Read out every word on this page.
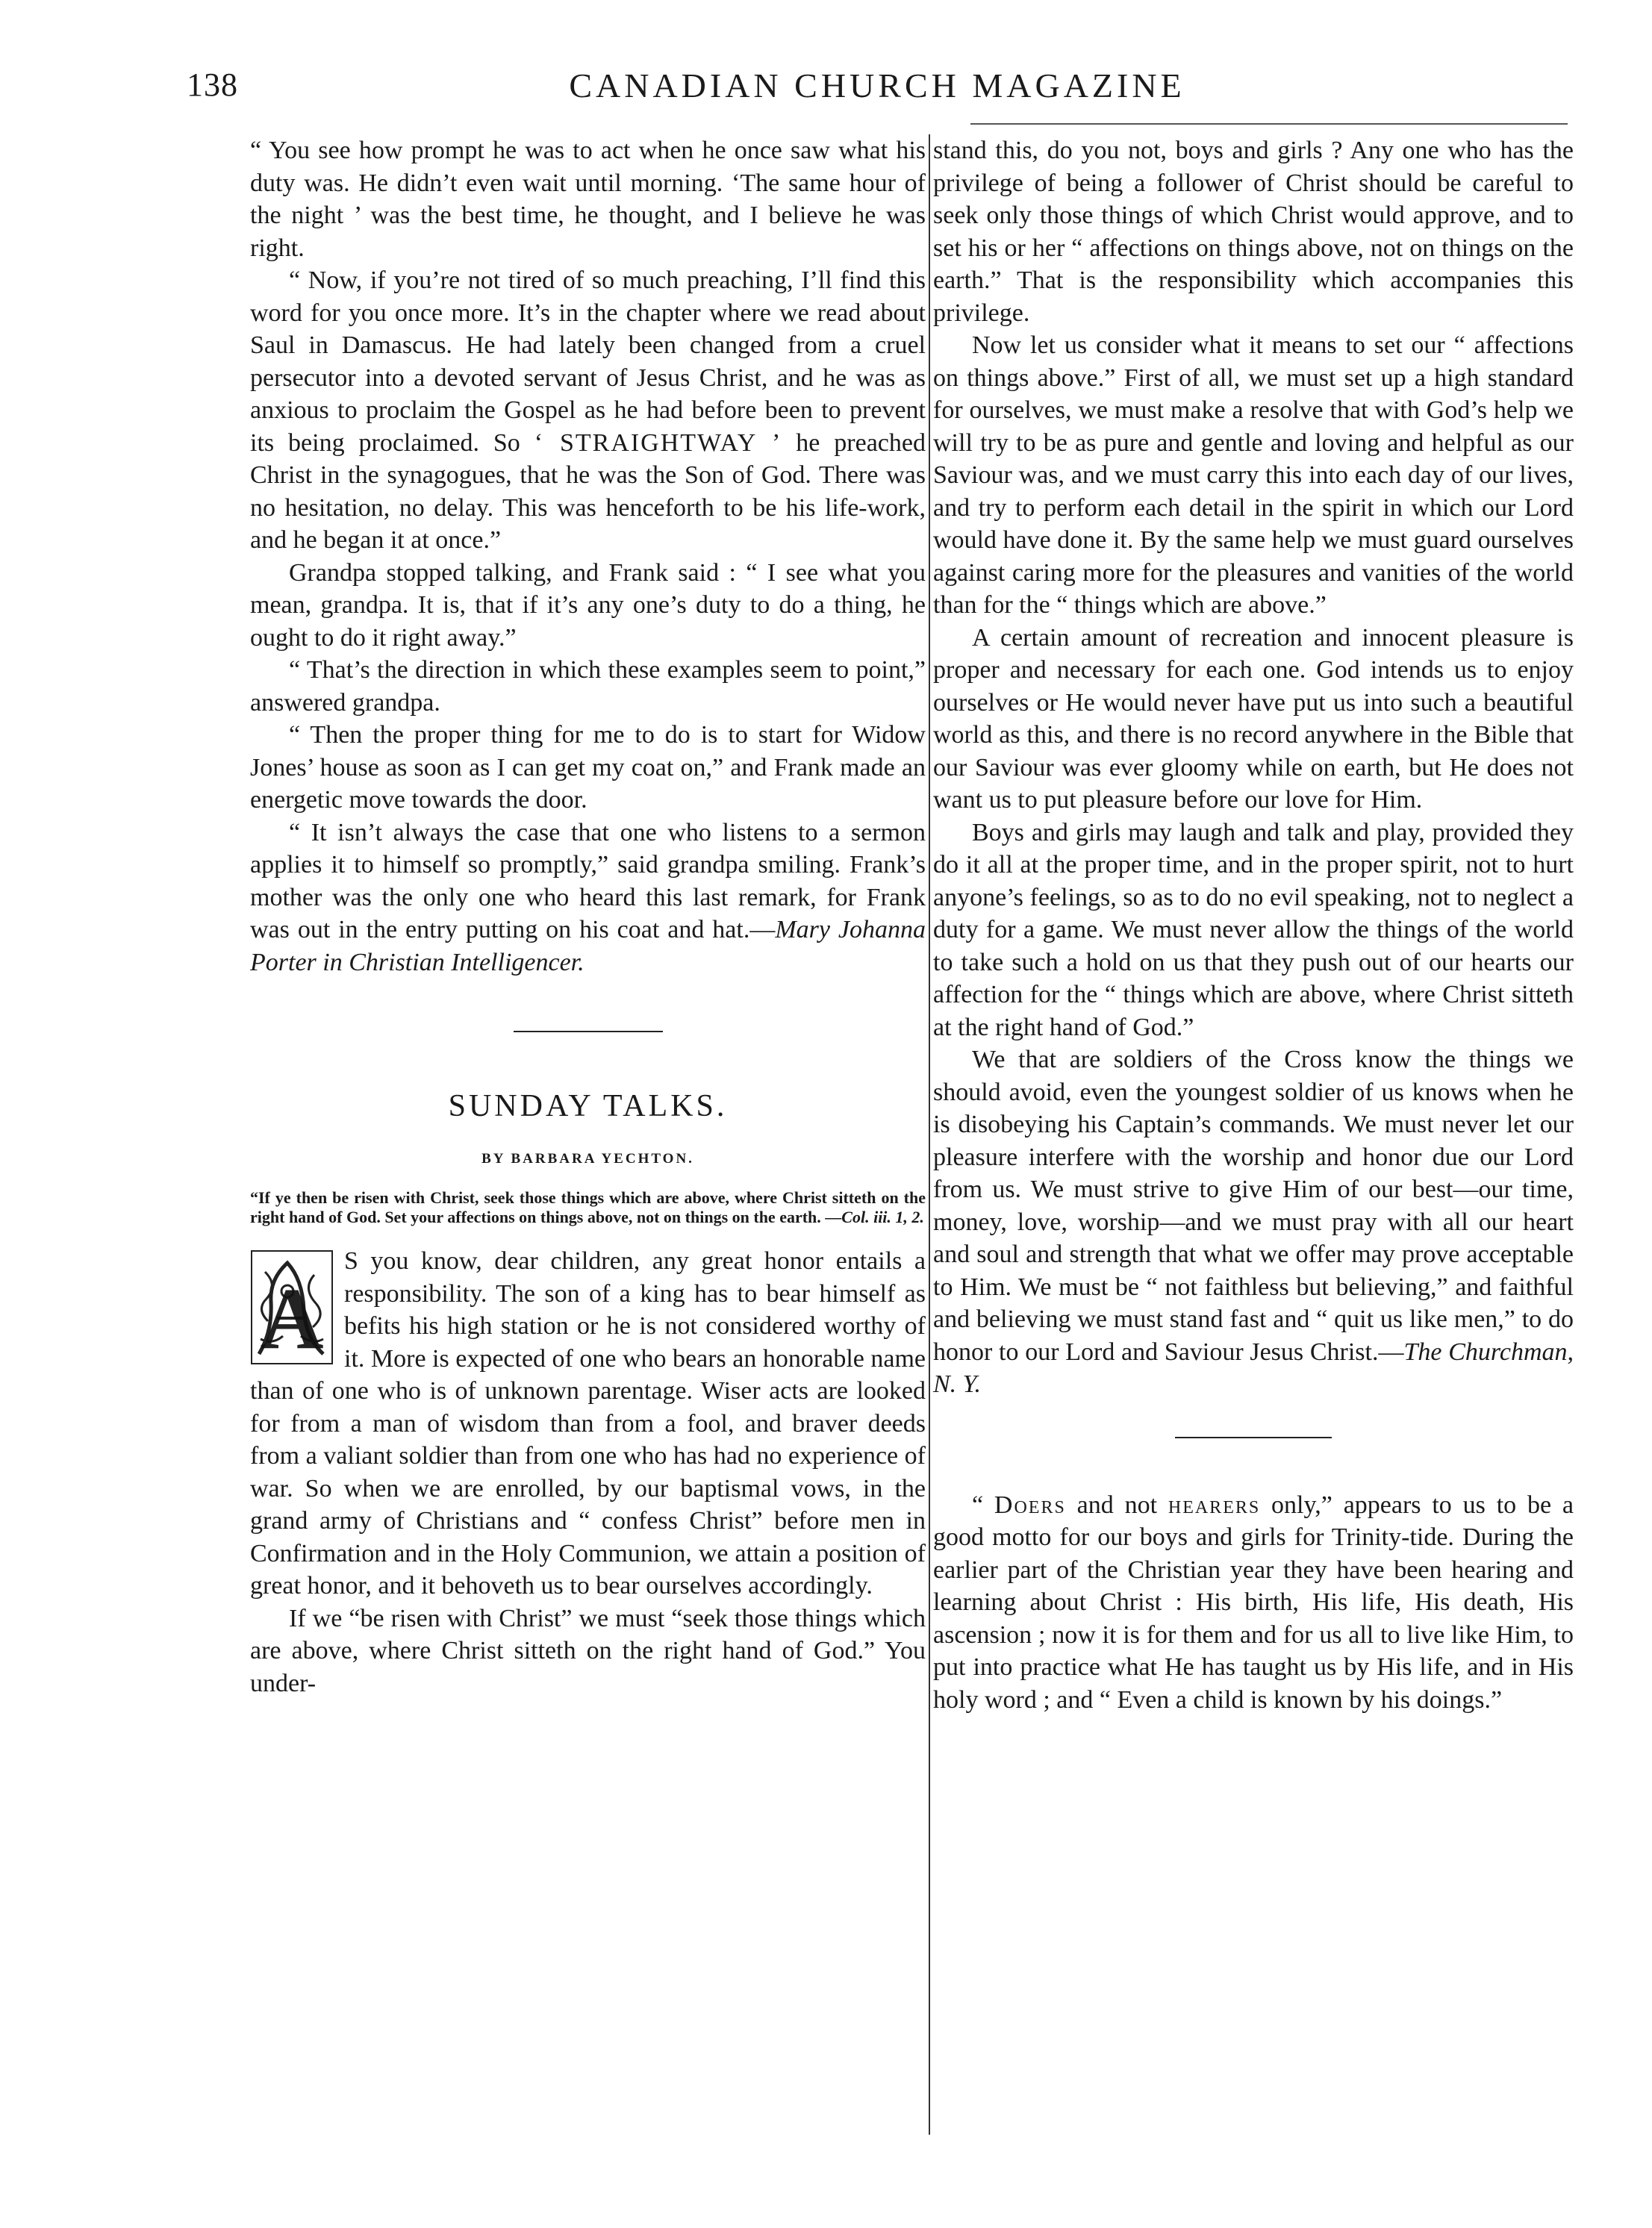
138	CANADIAN CHURCH MAGAZINE

“ You see how prompt he was to act when he once saw what his duty was. He didn’t even wait until morning. ‘The same hour of the night ’ was the best time, he thought, and I believe he was right.

“ Now, if you’re not tired of so much preaching, I’ll find this word for you once more. It’s in the chapter where we read about Saul in Damascus. He had lately been changed from a cruel persecutor into a devoted servant of Jesus Christ, and he was as anxious to proclaim the Gospel as he had before been to prevent its being proclaimed. So ‘ STRAIGHTWAY ’ he preached Christ in the synagogues, that he was the Son of God. There was no hesitation, no delay. This was henceforth to be his life-work, and he began it at once.”

Grandpa stopped talking, and Frank said : “ I see what you mean, grandpa. It is, that if it’s any one’s duty to do a thing, he ought to do it right away.”

“ That’s the direction in which these examples seem to point,” answered grandpa.

“ Then the proper thing for me to do is to start for Widow Jones’ house as soon as I can get my coat on,” and Frank made an energetic move towards the door.

“ It isn’t always the case that one who listens to a sermon applies it to himself so promptly,” said grandpa smiling. Frank’s mother was the only one who heard this last remark, for Frank was out in the entry putting on his coat and hat.—Mary Johanna Porter in Christian Intelligencer.

SUNDAY TALKS.
BY BARBARA YECHTON.
“If ye then be risen with Christ, seek those things which are above, where Christ sitteth on the right hand of God. Set your affections on things above, not on things on the earth. —Col. iii. 1, 2.
A

S you know, dear children, any great honor entails a responsibility. The son of a king has to bear himself as befits his high station or he is not considered worthy of it. More is expected of one who bears an honorable name than of one who is of unknown parentage. Wiser acts are looked for from a man of wisdom than from a fool, and braver deeds from a valiant soldier than from one who has had no experience of war. So when we are enrolled, by our baptismal vows, in the grand army of Christians and “ confess Christ” before men in Confirmation and in the Holy Communion, we attain a position of great honor, and it behoveth us to bear ourselves accordingly.

If we “be risen with Christ” we must “seek those things which are above, where Christ sitteth on the right hand of God.” You under-

stand this, do you not, boys and girls ? Any one who has the privilege of being a follower of Christ should be careful to seek only those things of which Christ would approve, and to set his or her “ affections on things above, not on things on the earth.” That is the responsibility which accompanies this privilege.

Now let us consider what it means to set our “ affections on things above.” First of all, we must set up a high standard for ourselves, we must make a resolve that with God’s help we will try to be as pure and gentle and loving and helpful as our Saviour was, and we must carry this into each day of our lives, and try to perform each detail in the spirit in which our Lord would have done it. By the same help we must guard ourselves against caring more for the pleasures and vanities of the world than for the “ things which are above.”

A certain amount of recreation and innocent pleasure is proper and necessary for each one. God intends us to enjoy ourselves or He would never have put us into such a beautiful world as this, and there is no record anywhere in the Bible that our Saviour was ever gloomy while on earth, but He does not want us to put pleasure before our love for Him.

Boys and girls may laugh and talk and play, provided they do it all at the proper time, and in the proper spirit, not to hurt anyone’s feelings, so as to do no evil speaking, not to neglect a duty for a game. We must never allow the things of the world to take such a hold on us that they push out of our hearts our affection for the “ things which are above, where Christ sitteth at the right hand of God.”

We that are soldiers of the Cross know the things we should avoid, even the youngest soldier of us knows when he is disobeying his Captain’s commands. We must never let our pleasure interfere with the worship and honor due our Lord from us. We must strive to give Him of our best—our time, money, love, worship—and we must pray with all our heart and soul and strength that what we offer may prove acceptable to Him. We must be “ not faithless but believing,” and faithful and believing we must stand fast and “ quit us like men,” to do honor to our Lord and Saviour Jesus Christ.—The Churchman, N. Y.

“ Doers and not hearers only,” appears to us to be a good motto for our boys and girls for Trinity-tide. During the earlier part of the Christian year they have been hearing and learning about Christ : His birth, His life, His death, His ascension ; now it is for them and for us all to live like Him, to put into practice what He has taught us by His life, and in His holy word ; and “ Even a child is known by his doings.”
